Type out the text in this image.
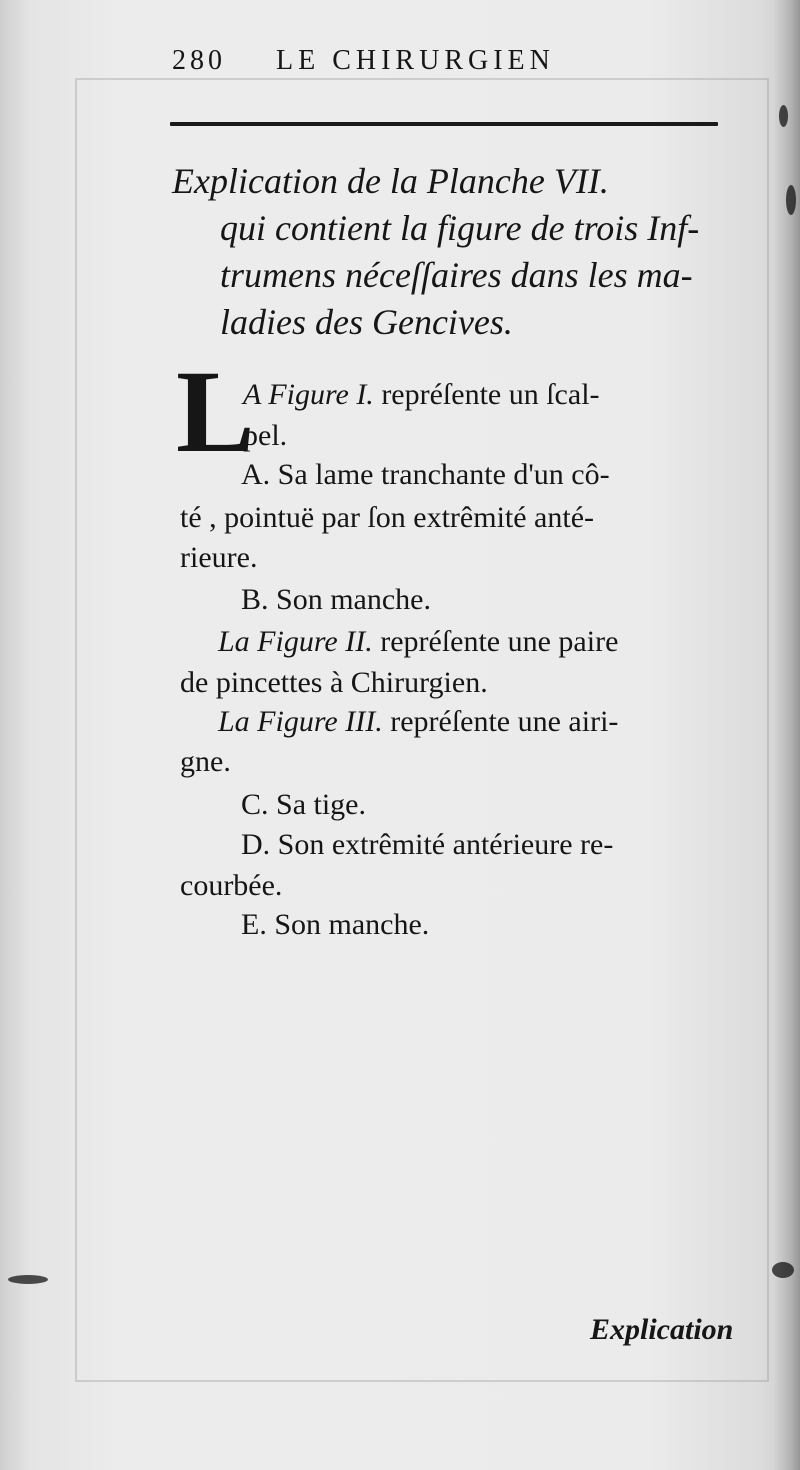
280 LE CHIRURGIEN
Explication de la Planche VII.
qui contient la figure de trois Inf-
trumens néceſſaires dans les ma-
ladies des Gencives.
L
A Figure I. repréſente un ſcal-
pel.
A. Sa lame tranchante d'un cô-
té , pointuë par ſon extrêmité anté-
rieure.
B. Son manche.
La Figure II. repréſente une paire
de pincettes à Chirurgien.
La Figure III. repréſente une airi-
gne.
C. Sa tige.
D. Son extrêmité antérieure re-
courbée.
E. Son manche.
Explication
